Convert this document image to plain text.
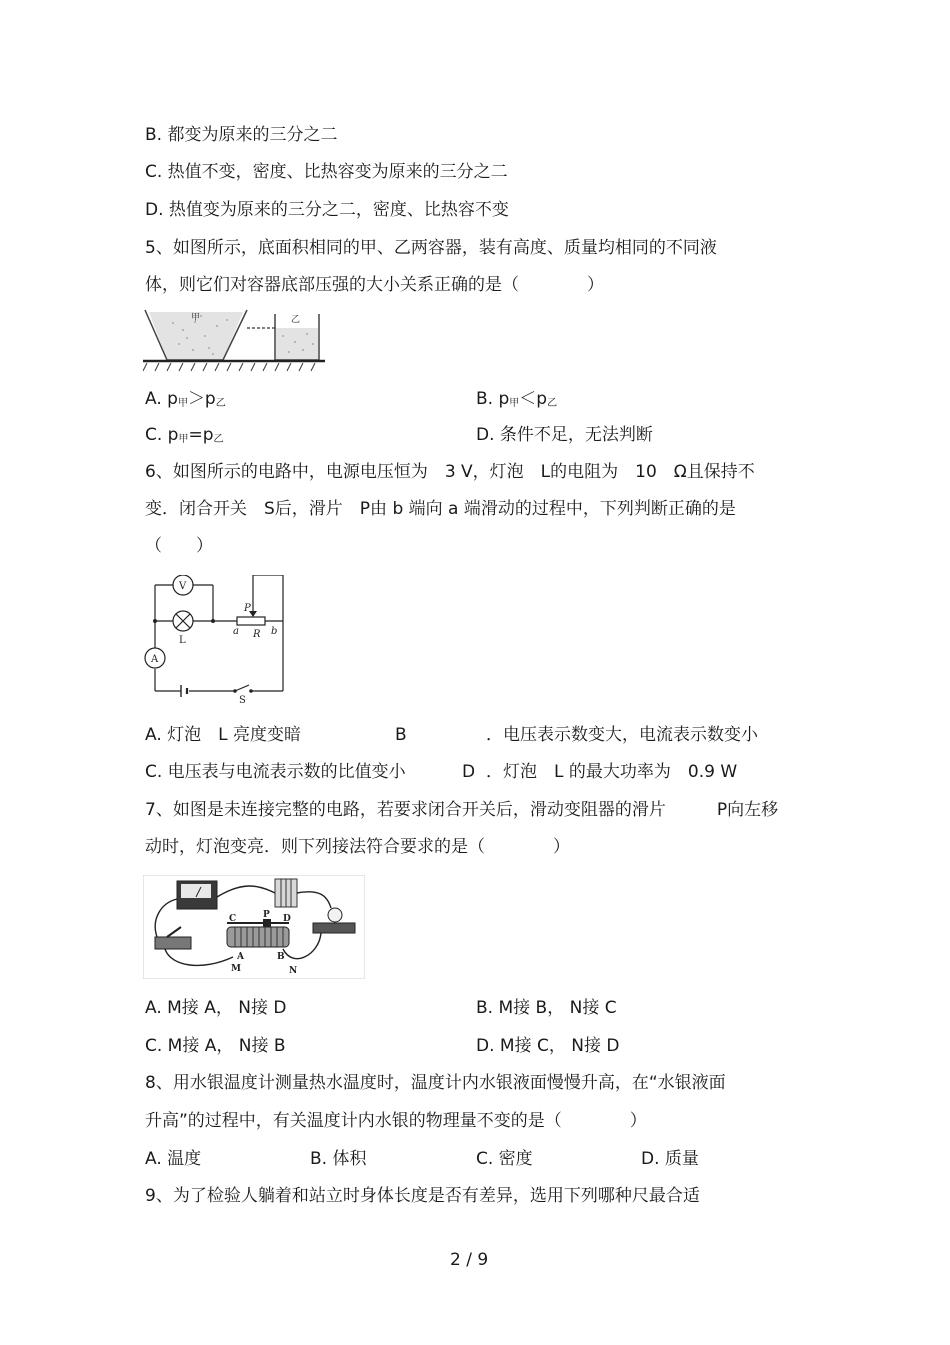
B. 都变为原来的三分之二
C. 热值不变，密度、比热容变为原来的三分之二
D. 热值变为原来的三分之二，密度、比热容不变
5、如图所示，底面积相同的甲、乙两容器，装有高度、质量均相同的不同液
体，则它们对容器底部压强的大小关系正确的是（　　　　）
甲	乙
A. $p_甲>p_乙$	B. $p_甲<p_乙$
C. $p_甲=p_乙$	D. 条件不足，无法判断
6、如图所示的电路中，电源电压恒为　3 V，灯泡　L的电阻为　10　Ω且保持不
变．闭合开关　S后，滑片　P由 b 端向 a 端滑动的过程中，下列判断正确的是
（　　）
V
A
L
P
a R b
S
A. 灯泡　L 亮度变暗	B	．电压表示数变大，电流表示数变小
C. 电压表与电流表示数的比值变小	D ．灯泡　L 的最大功率为　0.9 W
7、如图是未连接完整的电路，若要求闭合开关后，滑动变阻器的滑片　　　P向左移
动时，灯泡变亮．则下列接法符合要求的是（　　　　）
C	P D
A	B
M	N
A. M接 A， N接 D	B. M接 B， N接 C
C. M接 A， N接 B	D. M接 C， N接 D
8、用水银温度计测量热水温度时，温度计内水银液面慢慢升高，在“水银液面
升高”的过程中，有关温度计内水银的物理量不变的是（　　　　）
A. 温度	B. 体积	C. 密度	D. 质量
9、为了检验人躺着和站立时身体长度是否有差异，选用下列哪种尺最合适
2 / 9
